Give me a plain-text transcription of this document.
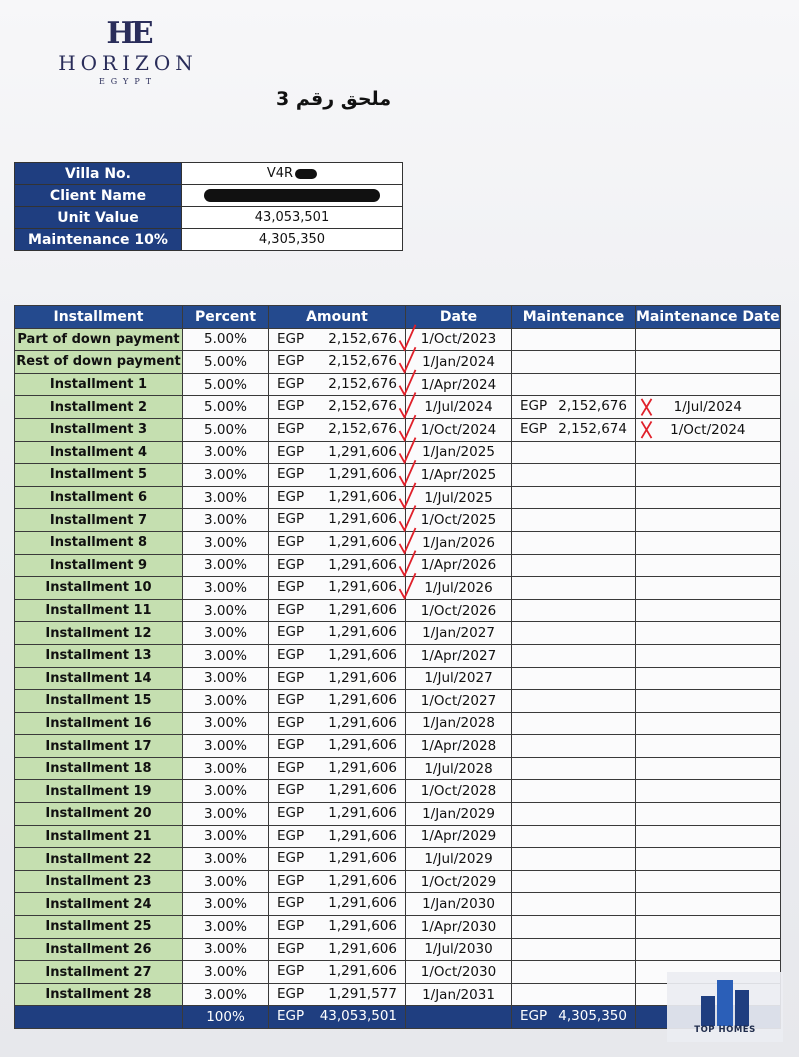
HE
HORIZON
EGYPT
ملحق رقم 3
Villa No.	V4R
Client Name	
Unit Value	43,053,501
Maintenance 10%	4,305,350
Installment	Percent	Amount	Date	Maintenance	Maintenance Date
Part of down payment	5.00%	EGP 2,152,676	1/Oct/2023	

Rest of down payment	5.00%	EGP 2,152,676	1/Jan/2024	

Installment 1	5.00%	EGP 2,152,676	1/Apr/2024	

Installment 2	5.00%	EGP 2,152,676	1/Jul/2024	EGP 2,152,676	1/Jul/2024
Installment 3	5.00%	EGP 2,152,676	1/Oct/2024	EGP 2,152,674	1/Oct/2024
Installment 4	3.00%	EGP 1,291,606	1/Jan/2025	

Installment 5	3.00%	EGP 1,291,606	1/Apr/2025	

Installment 6	3.00%	EGP 1,291,606	1/Jul/2025	

Installment 7	3.00%	EGP 1,291,606	1/Oct/2025	

Installment 8	3.00%	EGP 1,291,606	1/Jan/2026	

Installment 9	3.00%	EGP 1,291,606	1/Apr/2026	

Installment 10	3.00%	EGP 1,291,606	1/Jul/2026	

Installment 11	3.00%	EGP 1,291,606	1/Oct/2026	

Installment 12	3.00%	EGP 1,291,606	1/Jan/2027	

Installment 13	3.00%	EGP 1,291,606	1/Apr/2027	

Installment 14	3.00%	EGP 1,291,606	1/Jul/2027	

Installment 15	3.00%	EGP 1,291,606	1/Oct/2027	

Installment 16	3.00%	EGP 1,291,606	1/Jan/2028	

Installment 17	3.00%	EGP 1,291,606	1/Apr/2028	

Installment 18	3.00%	EGP 1,291,606	1/Jul/2028	

Installment 19	3.00%	EGP 1,291,606	1/Oct/2028	

Installment 20	3.00%	EGP 1,291,606	1/Jan/2029	

Installment 21	3.00%	EGP 1,291,606	1/Apr/2029	

Installment 22	3.00%	EGP 1,291,606	1/Jul/2029	

Installment 23	3.00%	EGP 1,291,606	1/Oct/2029	

Installment 24	3.00%	EGP 1,291,606	1/Jan/2030	

Installment 25	3.00%	EGP 1,291,606	1/Apr/2030	

Installment 26	3.00%	EGP 1,291,606	1/Jul/2030	

Installment 27	3.00%	EGP 1,291,606	1/Oct/2030	

Installment 28	3.00%	EGP 1,291,577	1/Jan/2031	

	100%	EGP 43,053,501		EGP 4,305,350	

TOP HOMES
